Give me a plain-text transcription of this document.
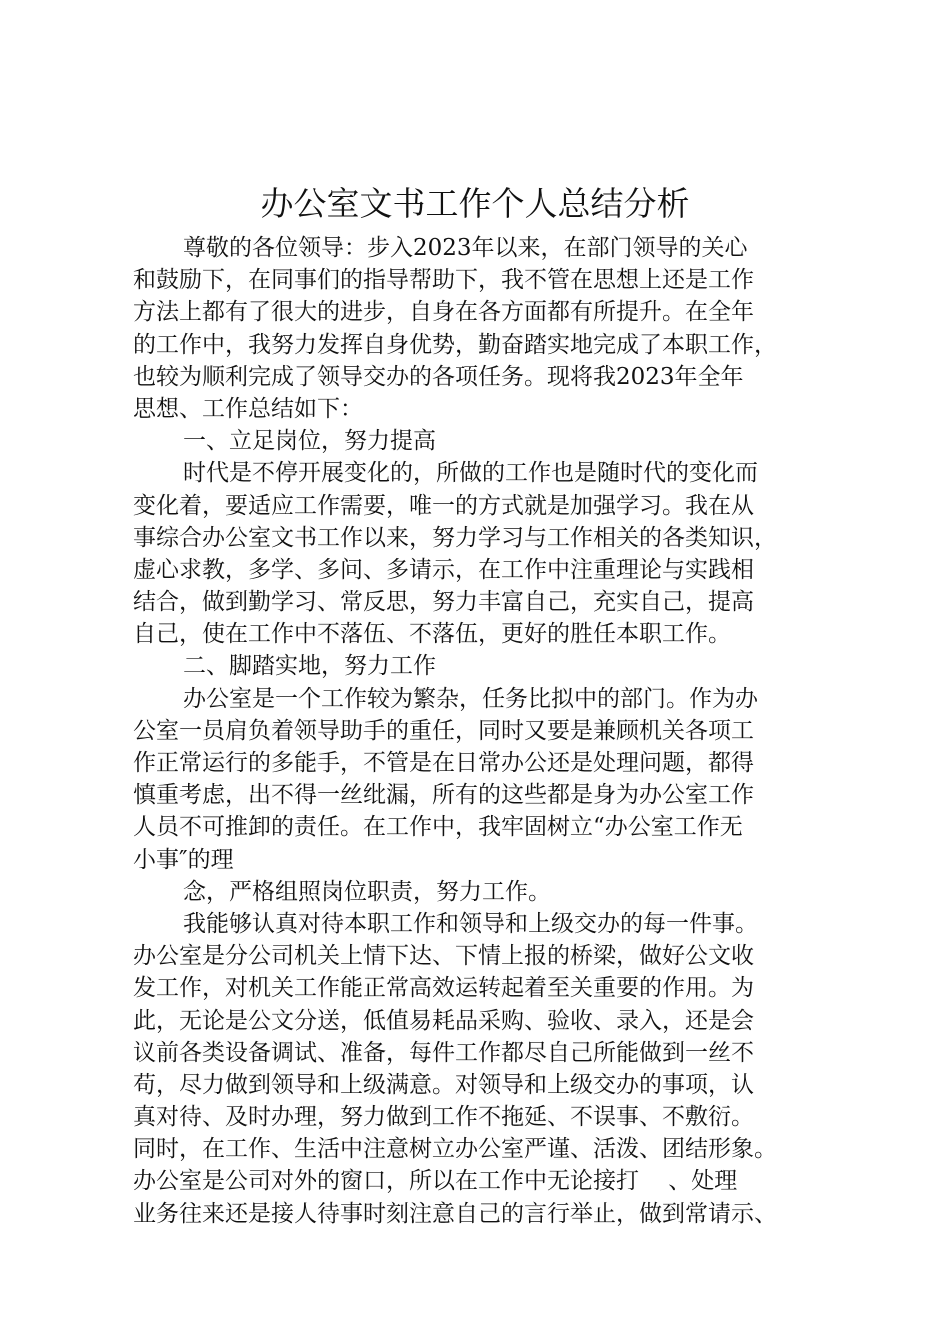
办公室文书工作个人总结分析

尊敬的各位领导：步入2023年以来，在部门领导的关心

和鼓励下，在同事们的指导帮助下，我不管在思想上还是工作

方法上都有了很大的进步，自身在各方面都有所提升。在全年

的工作中，我努力发挥自身优势，勤奋踏实地完成了本职工作，

也较为顺利完成了领导交办的各项任务。现将我2023年全年

思想、工作总结如下：

一、立足岗位，努力提高

时代是不停开展变化的，所做的工作也是随时代的变化而

变化着，要适应工作需要，唯一的方式就是加强学习。我在从

事综合办公室文书工作以来，努力学习与工作相关的各类知识，

虚心求教，多学、多问、多请示，在工作中注重理论与实践相

结合，做到勤学习、常反思，努力丰富自己，充实自己，提高

自己，使在工作中不落伍、不落伍，更好的胜任本职工作。

二、脚踏实地，努力工作

办公室是一个工作较为繁杂，任务比拟中的部门。作为办

公室一员肩负着领导助手的重任，同时又要是兼顾机关各项工

作正常运行的多能手，不管是在日常办公还是处理问题，都得

慎重考虑，出不得一丝纰漏，所有的这些都是身为办公室工作

人员不可推卸的责任。在工作中，我牢固树立“办公室工作无

小事″的理

念，严格组照岗位职责，努力工作。

我能够认真对待本职工作和领导和上级交办的每一件事。

办公室是分公司机关上情下达、下情上报的桥梁，做好公文收

发工作，对机关工作能正常高效运转起着至关重要的作用。为

此，无论是公文分送，低值易耗品采购、验收、录入，还是会

议前各类设备调试、准备，每件工作都尽自己所能做到一丝不

苟，尽力做到领导和上级满意。对领导和上级交办的事项，认

真对待、及时办理，努力做到工作不拖延、不误事、不敷衍。

同时，在工作、生活中注意树立办公室严谨、活泼、团结形象。

办公室是公司对外的窗口，所以在工作中无论接打    、处理

业务往来还是接人待事时刻注意自己的言行举止，做到常请示、
